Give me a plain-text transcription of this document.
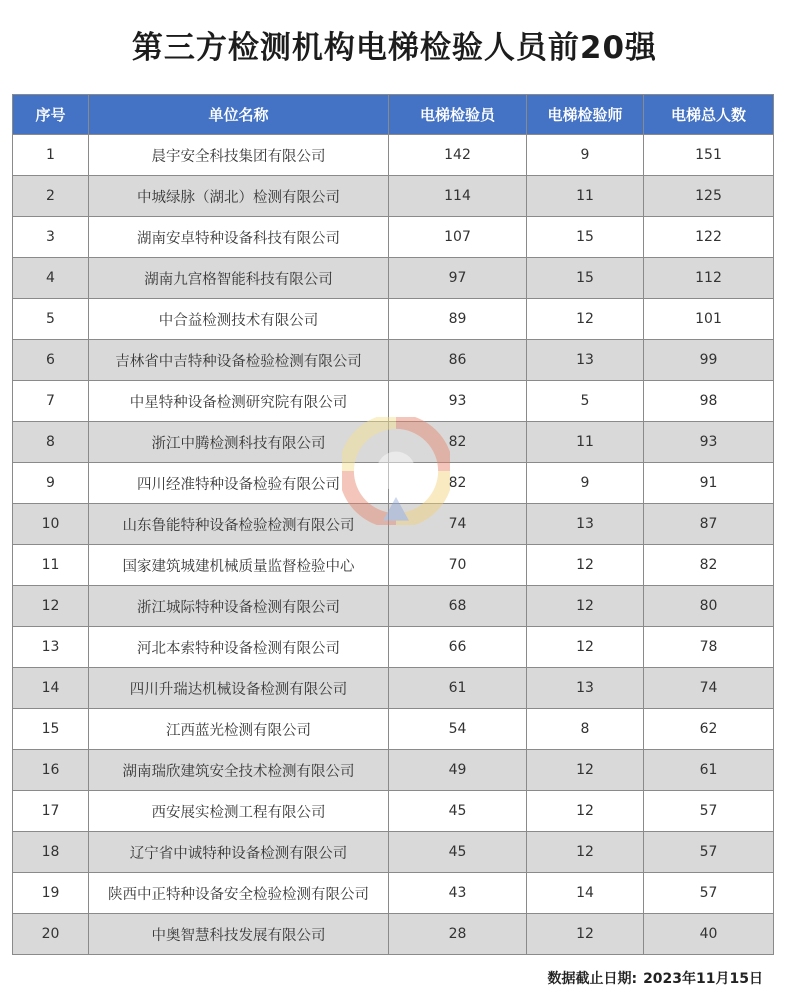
第三方检测机构电梯检验人员前20强
序号	单位名称	电梯检验员	电梯检验师	电梯总人数
1	晨宇安全科技集团有限公司	142	9	151
2	中城绿脉（湖北）检测有限公司	114	11	125
3	湖南安卓特种设备科技有限公司	107	15	122
4	湖南九宫格智能科技有限公司	97	15	112
5	中合益检测技术有限公司	89	12	101
6	吉林省中吉特种设备检验检测有限公司	86	13	99
7	中星特种设备检测研究院有限公司	93	5	98
8	浙江中腾检测科技有限公司	82	11	93
9	四川经准特种设备检验有限公司	82	9	91
10	山东鲁能特种设备检验检测有限公司	74	13	87
11	国家建筑城建机械质量监督检验中心	70	12	82
12	浙江城际特种设备检测有限公司	68	12	80
13	河北本索特种设备检测有限公司	66	12	78
14	四川升瑞达机械设备检测有限公司	61	13	74
15	江西蓝光检测有限公司	54	8	62
16	湖南瑞欣建筑安全技术检测有限公司	49	12	61
17	西安展实检测工程有限公司	45	12	57
18	辽宁省中诚特种设备检测有限公司	45	12	57
19	陕西中正特种设备安全检验检测有限公司	43	14	57
20	中奥智慧科技发展有限公司	28	12	40
数据截止日期: 2023年11月15日
